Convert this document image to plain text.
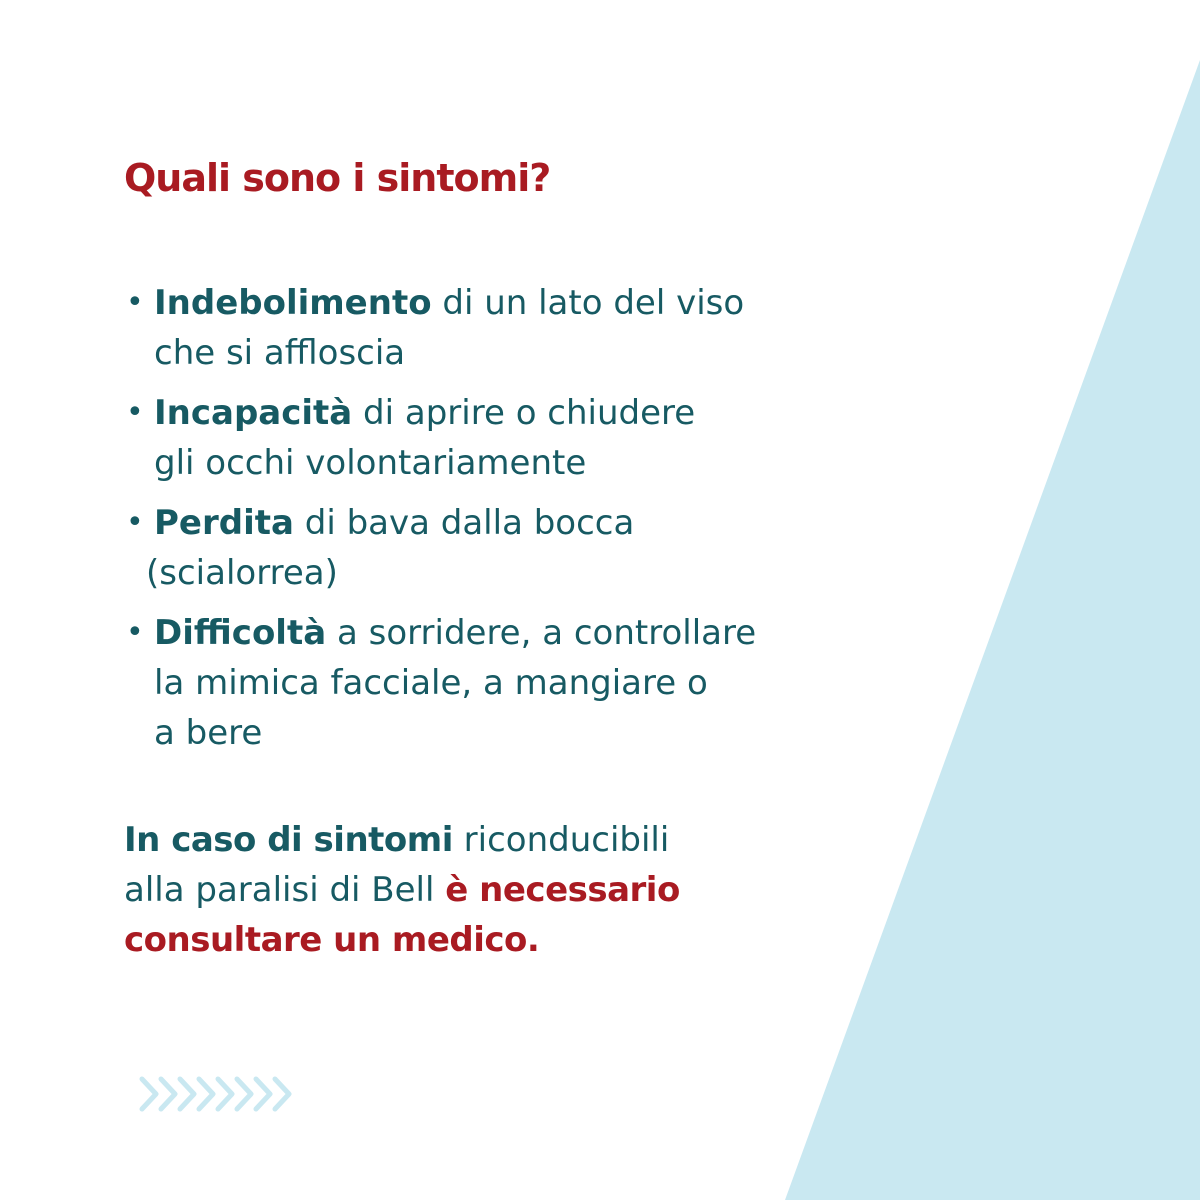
Quali sono i sintomi?
• Indebolimento di un lato del viso
che si affloscia
• Incapacità di aprire o chiudere
gli occhi volontariamente
• Perdita di bava dalla bocca
(scialorrea)
• Difficoltà a sorridere, a controllare
la mimica facciale, a mangiare o
a bere

In caso di sintomi riconducibili
alla paralisi di Bell è necessario
consultare un medico.
